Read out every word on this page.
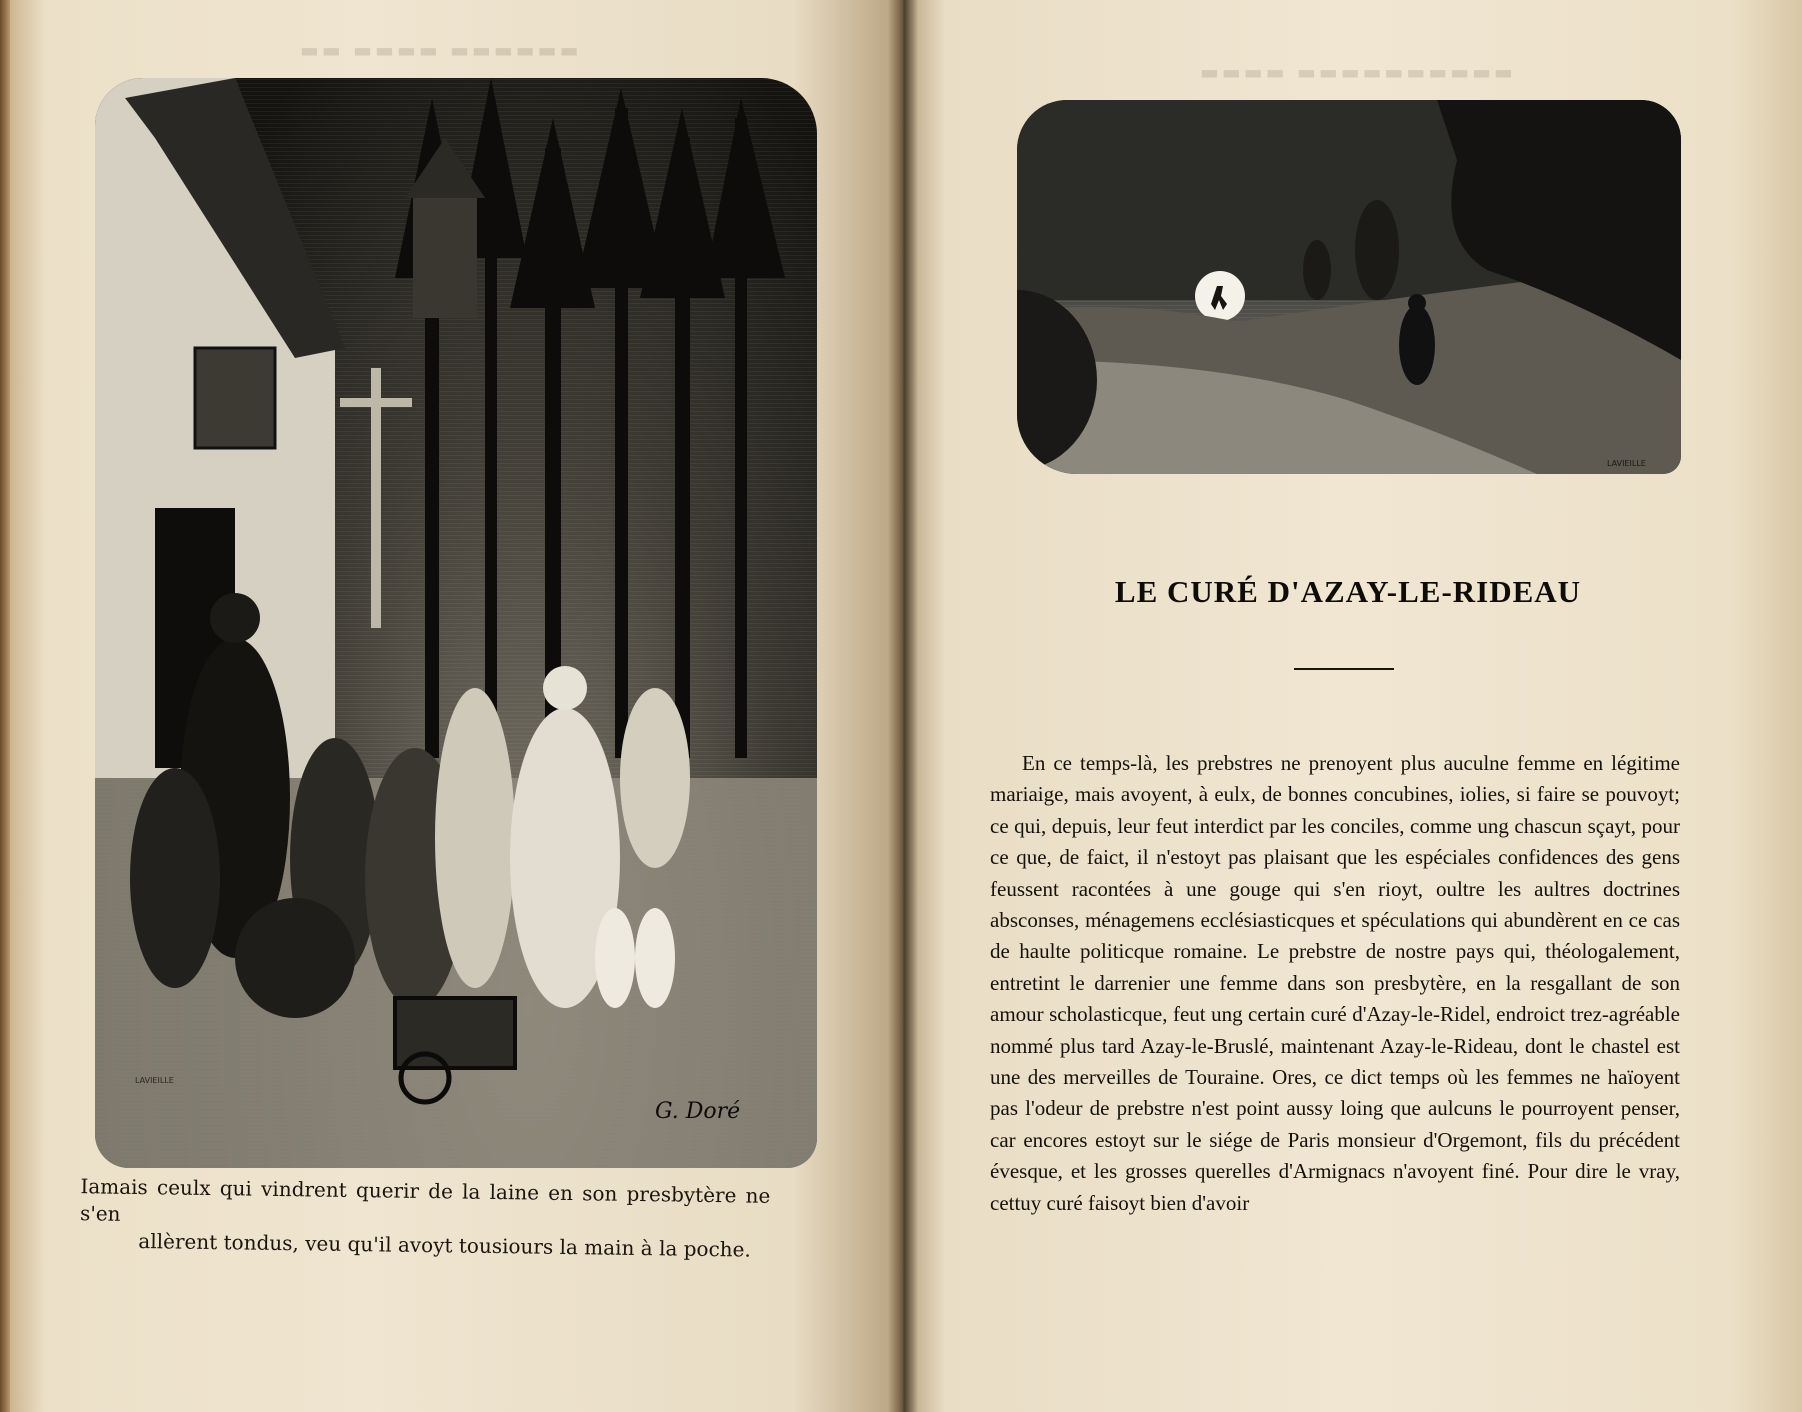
▬▬ ▬▬▬▬ ▬▬▬▬▬▬
G. Doré
LAVIEILLE
Iamais ceulx qui vindrent querir de la laine en son presbytère ne s'en
allèrent tondus, veu qu'il avoyt tousiours la main à la poche.
▬▬▬▬ ▬▬▬▬▬▬▬▬▬▬
LAVIEILLE
LE CURÉ D'AZAY-LE-RIDEAU

En ce temps-là, les prebstres ne prenoyent plus auculne femme en légitime mariaige, mais avoyent, à eulx, de bonnes concubines, iolies, si faire se pouvoyt; ce qui, depuis, leur feut interdict par les conciles, comme ung chascun sçayt, pour ce que, de faict, il n'estoyt pas plaisant que les espéciales confidences des gens feussent racontées à une gouge qui s'en rioyt, oultre les aultres doctrines absconses, ménagemens ecclésiasticques et spéculations qui abundèrent en ce cas de haulte politicque romaine. Le prebstre de nostre pays qui, théologalement, entretint le darrenier une femme dans son presbytère, en la resgallant de son amour scholasticque, feut ung certain curé d'Azay-le-Ridel, endroict trez-agréable nommé plus tard Azay-le-Bruslé, maintenant Azay-le-Rideau, dont le chastel est une des merveilles de Touraine. Ores, ce dict temps où les femmes ne haïoyent pas l'odeur de prebstre n'est point aussy loing que aulcuns le pourroyent penser, car encores estoyt sur le siége de Paris monsieur d'Orgemont, fils du précédent évesque, et les grosses querelles d'Armignacs n'avoyent finé. Pour dire le vray, cettuy curé faisoyt bien d'avoir
